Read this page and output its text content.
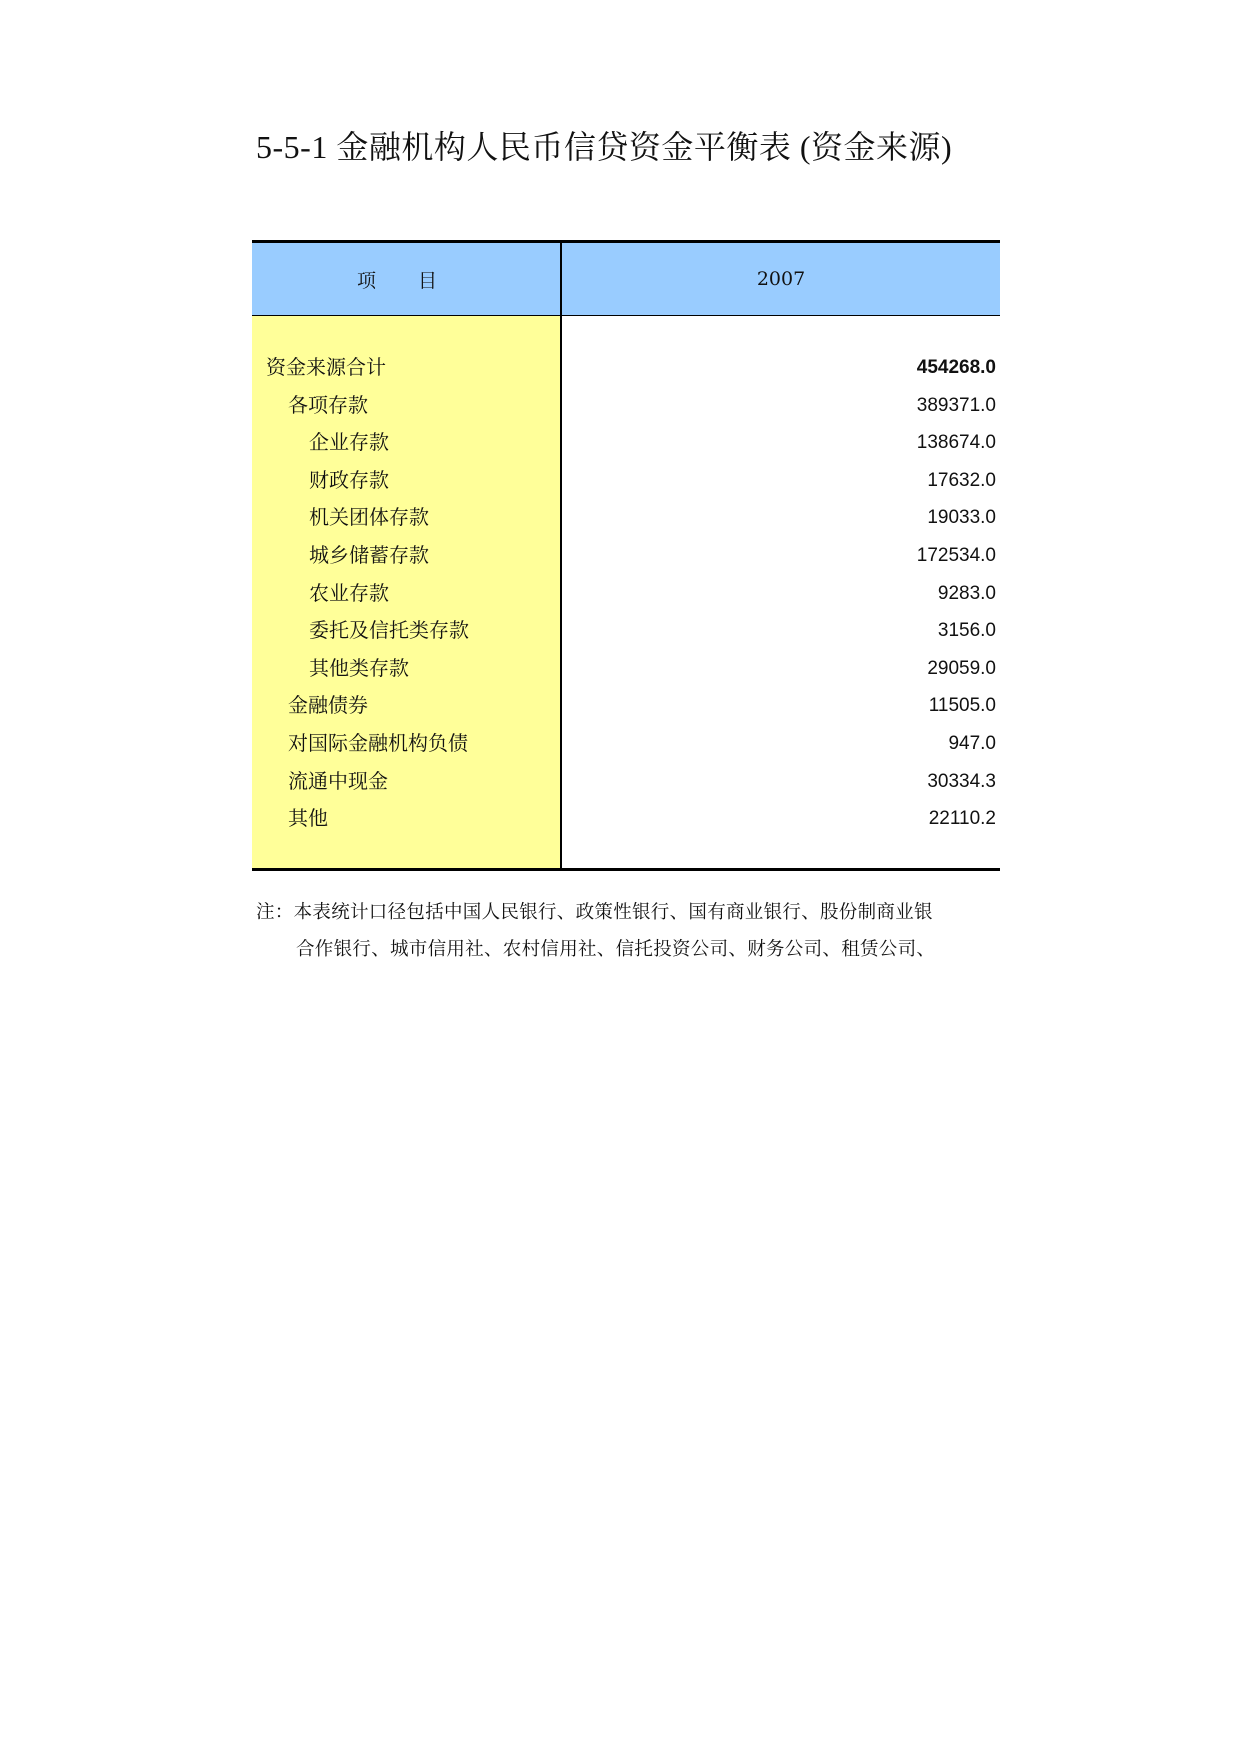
5-5-1 金融机构人民币信贷资金平衡表 (资金来源)
项 目	2007
资金来源合计	454268.0
各项存款	389371.0
企业存款	138674.0
财政存款	17632.0
机关团体存款	19033.0
城乡储蓄存款	172534.0
农业存款	9283.0
委托及信托类存款	3156.0
其他类存款	29059.0
金融债券	11505.0
对国际金融机构负债	947.0
流通中现金	30334.3
其他	22110.2
注：本表统计口径包括中国人民银行、政策性银行、国有商业银行、股份制商业银
合作银行、城市信用社、农村信用社、信托投资公司、财务公司、租赁公司、
